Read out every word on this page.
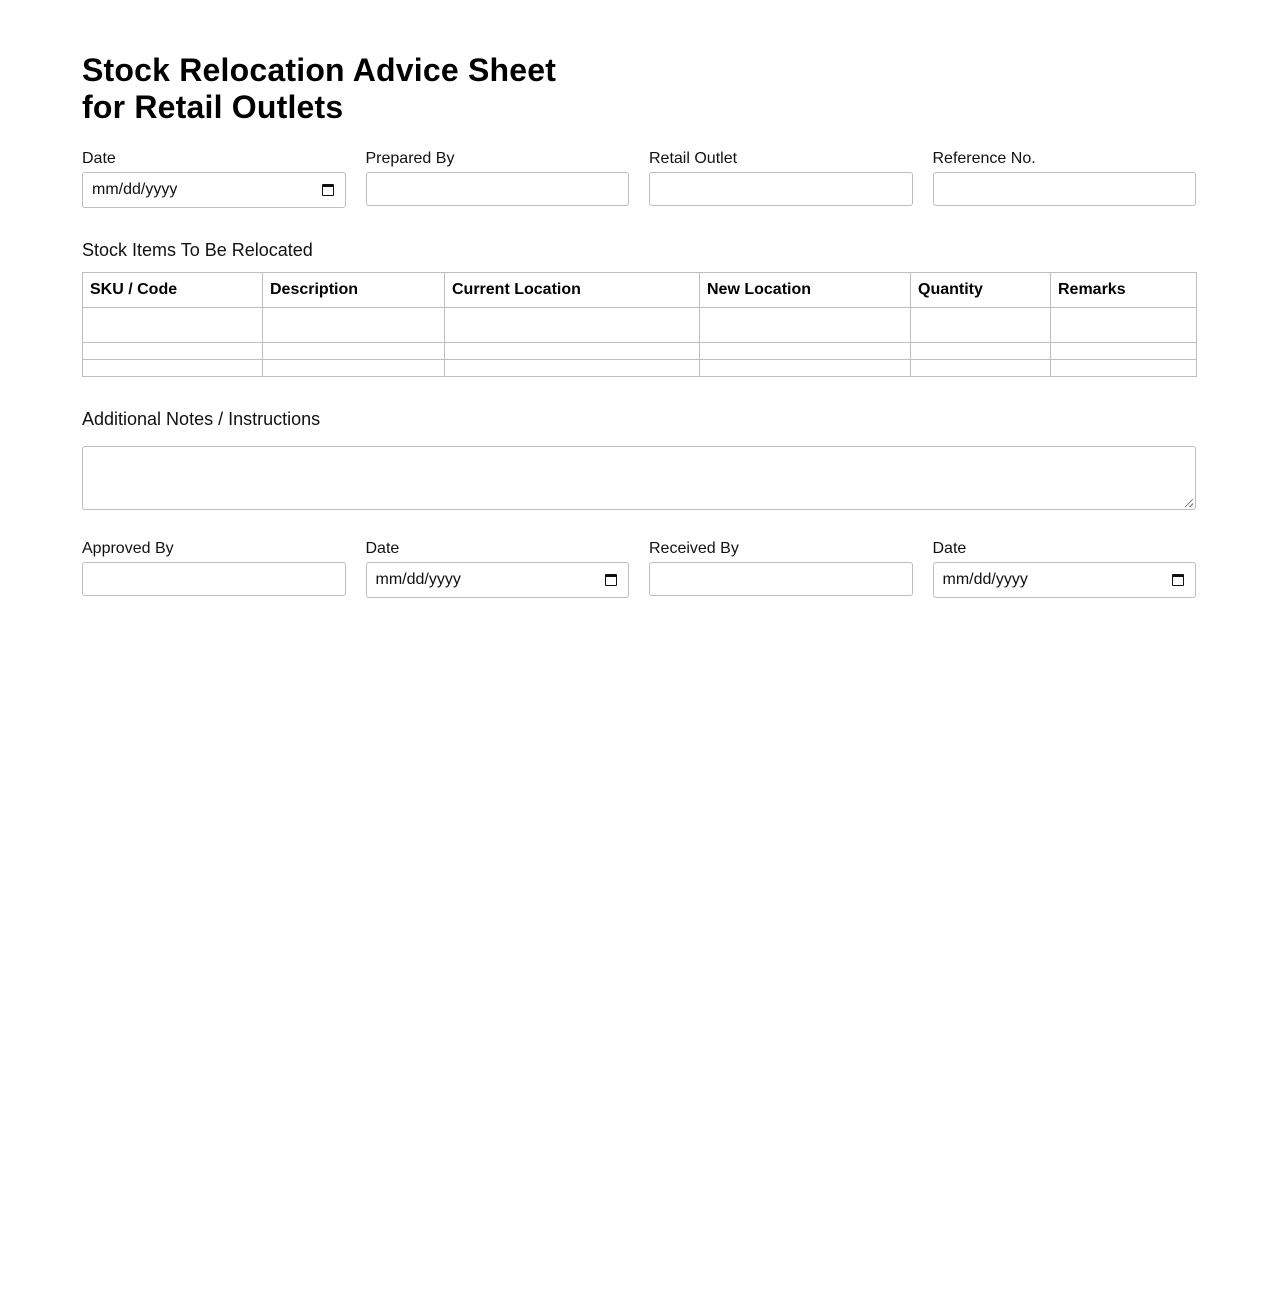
Stock Relocation Advice Sheet for Retail Outlets
Date
mm/dd/yyyy
Prepared By	Retail Outlet	Reference No.

Stock Items To Be Relocated

SKU / Code	Description	Current Location	New Location	Quantity	Remarks

Additional Notes / Instructions

Approved By	Date
mm/dd/yyyy
Received By	Date
mm/dd/yyyy
